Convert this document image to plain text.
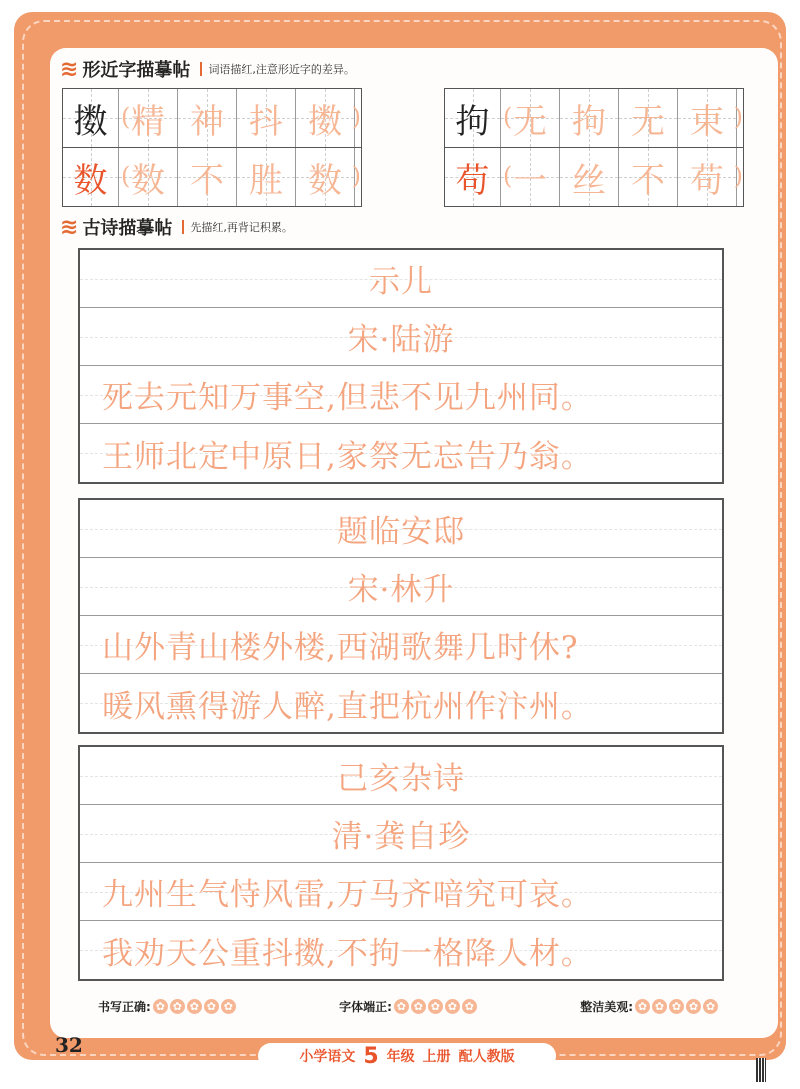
≋ 形近字描摹帖 词语描红,注意形近字的差异。
擞 精 神 抖 擞
(	)
数 数 不 胜 数
(	)
拘 无 拘 无 束
(	)
苟 一 丝 不 苟
(	)
≋ 古诗描摹帖 先描红,再背记积累。
示儿
宋·陆游
死去元知万事空,但悲不见九州同。
王师北定中原日,家祭无忘告乃翁。
题临安邸
宋·林升
山外青山楼外楼,西湖歌舞几时休?
暖风熏得游人醉,直把杭州作汴州。
己亥杂诗
清·龚自珍
九州生气恃风雷,万马齐喑究可哀。
我劝天公重抖擞,不拘一格降人材。
书写正确: ✿ ✿ ✿ ✿ ✿	字体端正: ✿ ✿ ✿ ✿ ✿	整洁美观: ✿ ✿ ✿ ✿ ✿
32	小学语文 5 年级 上册 配人教版
